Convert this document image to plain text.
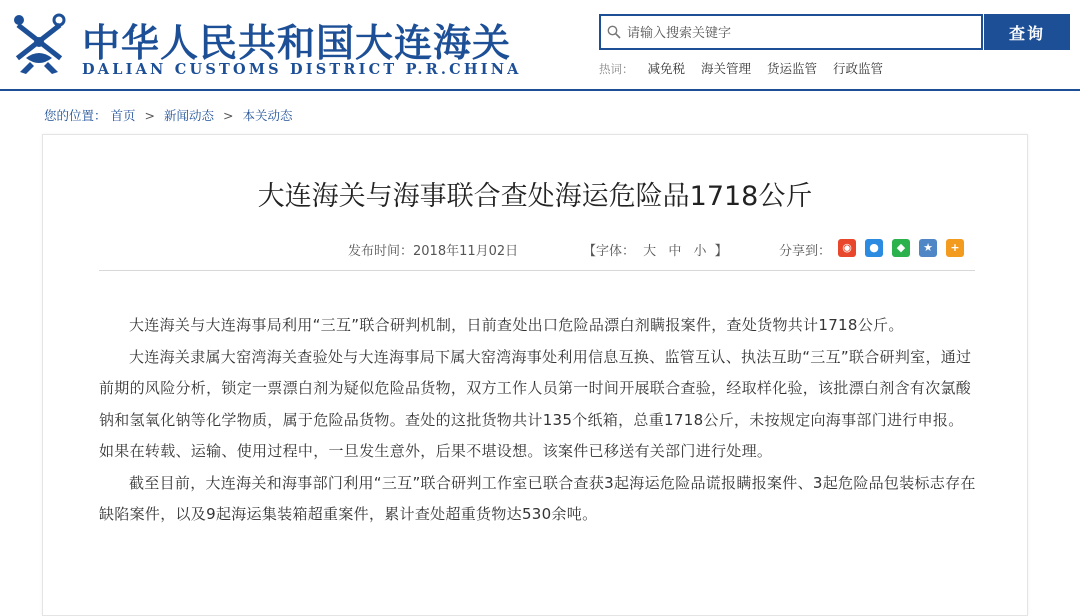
中华人民共和国大连海关
DALIAN CUSTOMS DISTRICT P.R.CHINA
请输入搜索关键字
查询
热词： 减免税 海关管理 货运监管 行政监管
您的位置： 首页 > 新闻动态 > 本关动态
大连海关与海事联合查处海运危险品1718公斤
发布时间：2018年11月02日	【字体： 大 中 小 】	分享到：	◉	●	◆	★	+

大连海关与大连海事局利用“三互”联合研判机制，日前查处出口危险品漂白剂瞒报案件，查处货物共计1718公斤。

大连海关隶属大窑湾海关查验处与大连海事局下属大窑湾海事处利用信息互换、监管互认、执法互助“三互”联合研判室，通过前期的风险分析，锁定一票漂白剂为疑似危险品货物，双方工作人员第一时间开展联合查验，经取样化验，该批漂白剂含有次氯酸钠和氢氧化钠等化学物质，属于危险品货物。查处的这批货物共计135个纸箱，总重1718公斤，未按规定向海事部门进行申报。如果在转载、运输、使用过程中，一旦发生意外，后果不堪设想。该案件已移送有关部门进行处理。

截至目前，大连海关和海事部门利用“三互”联合研判工作室已联合查获3起海运危险品谎报瞒报案件、3起危险品包装标志存在缺陷案件，以及9起海运集装箱超重案件，累计查处超重货物达530余吨。
